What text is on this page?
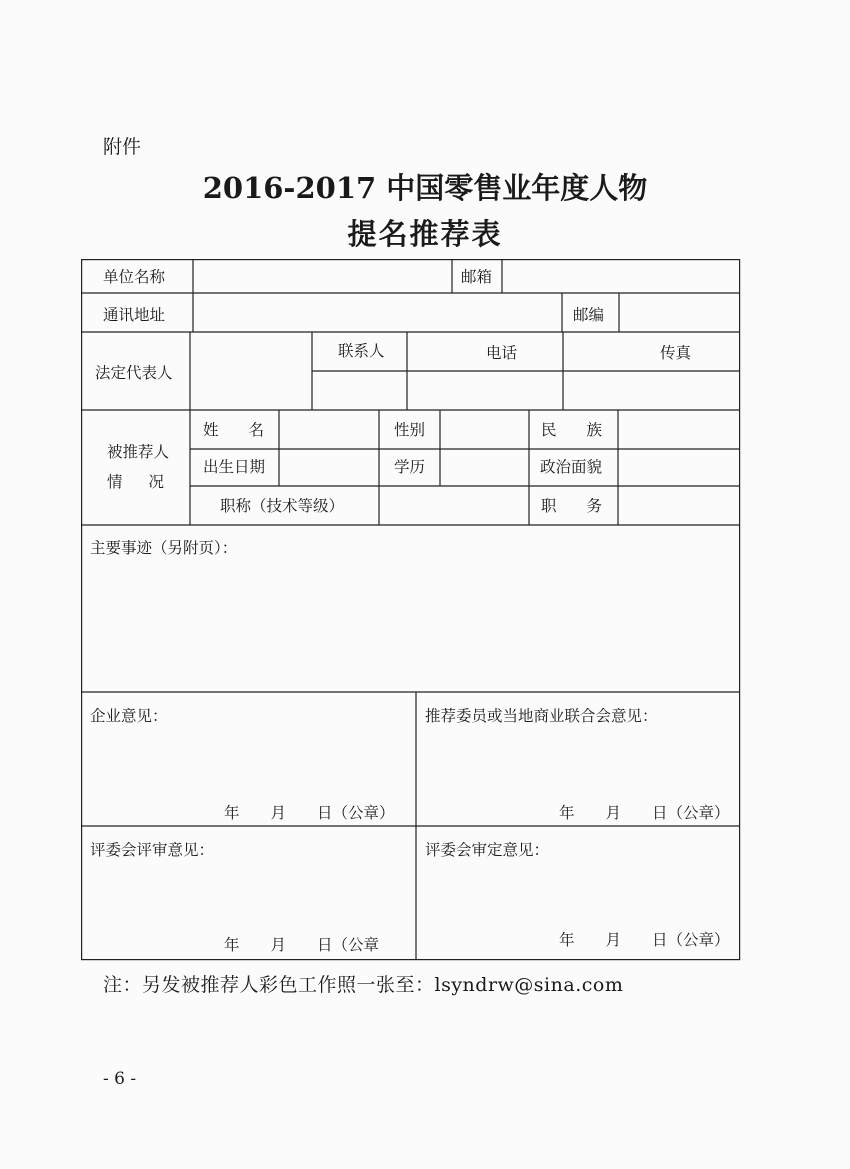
附件
2016-2017 中国零售业年度人物
提名推荐表
单位名称	邮箱
通讯地址	邮编
法定代表人
联系人	电话	传真
被推荐人
情况
姓名	性别	民族
出生日期	学历	政治面貌
职称（技术等级）	职务
主要事迹（另附页）：
企业意见：
年　　月　　日（公章）
推荐委员或当地商业联合会意见：
年　　月　　日（公章）
评委会评审意见：
年　　月　　日（公章
评委会审定意见：
年　　月　　日（公章）
注：另发被推荐人彩色工作照一张至：lsyndrw@sina.com
- 6 -
